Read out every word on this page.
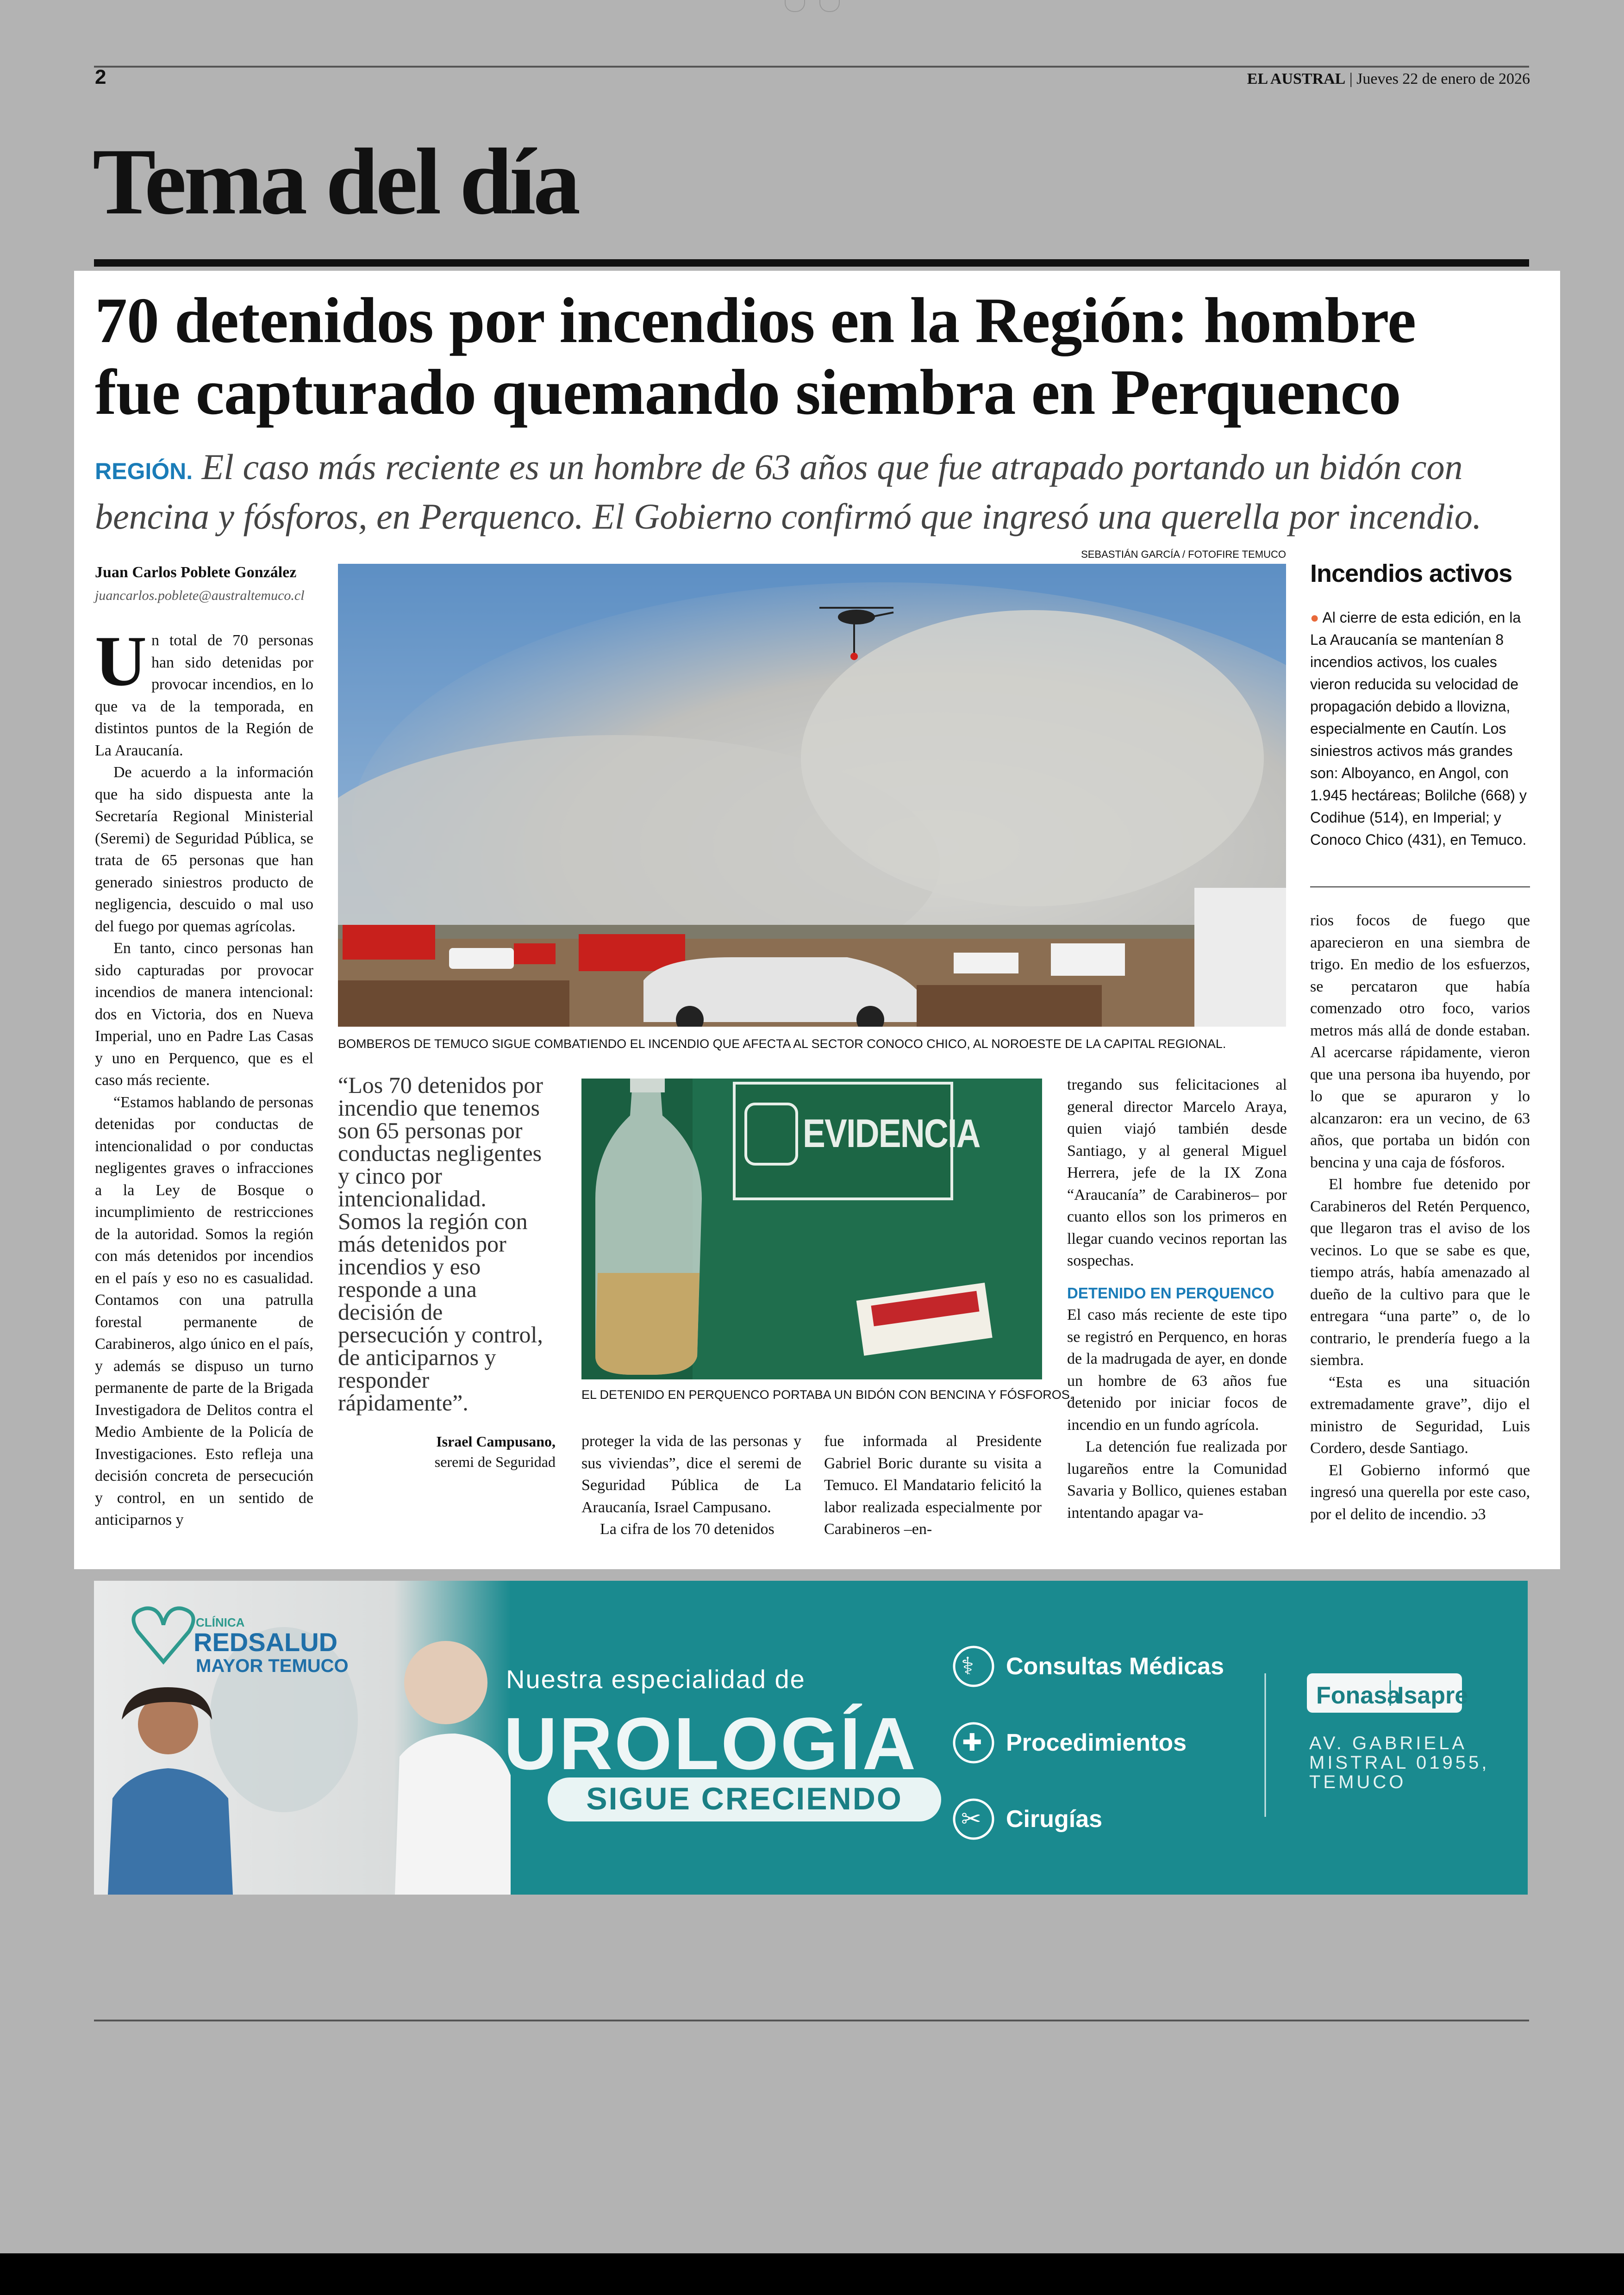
2	EL AUSTRAL | Jueves 22 de enero de 2026
Tema del día
70 detenidos por incendios en la Región: hombre
fue capturado quemando siembra en Perquenco
REGIÓN. El caso más reciente es un hombre de 63 años que fue atrapado portando un bidón con bencina y fósforos, en Perquenco. El Gobierno confirmó que ingresó una querella por incendio.
Juan Carlos Poblete González
juancarlos.poblete@australtemuco.cl

Un total de 70 personas han sido detenidas por provocar incendios, en lo que va de la temporada, en distintos puntos de la Región de La Araucanía.

De acuerdo a la información que ha sido dispuesta ante la Secretaría Regional Ministerial (Seremi) de Seguridad Pública, se trata de 65 personas que han generado siniestros producto de negligencia, descuido o mal uso del fuego por quemas agrícolas.

En tanto, cinco personas han sido capturadas por provocar incendios de manera intencional: dos en Victoria, dos en Nueva Imperial, uno en Padre Las Casas y uno en Perquenco, que es el caso más reciente.

“Estamos hablando de personas detenidas por conductas de intencionalidad o por conductas negligentes graves o infracciones a la Ley de Bosque o incumplimiento de restricciones de la autoridad. Somos la región con más detenidos por incendios en el país y eso no es casualidad. Contamos con una patrulla forestal permanente de Carabineros, algo único en el país, y además se dispuso un turno permanente de parte de la Brigada Investigadora de Delitos contra el Medio Ambiente de la Policía de Investigaciones. Esto refleja una decisión concreta de persecución y control, en un sentido de anticiparnos y

SEBASTIÁN GARCÍA / FOTOFIRE TEMUCO
BOMBEROS DE TEMUCO SIGUE COMBATIENDO EL INCENDIO QUE AFECTA AL SECTOR CONOCO CHICO, AL NOROESTE DE LA CAPITAL REGIONAL.
“Los 70 detenidos por incendio que tenemos son 65 personas por conductas negligentes y cinco por intencionalidad. Somos la región con más detenidos por incendios y eso responde a una decisión de persecución y control, de anticiparnos y responder rápidamente”.
Israel Campusano,
seremi de Seguridad
EVIDENCIA
EL DETENIDO EN PERQUENCO PORTABA UN BIDÓN CON BENCINA Y FÓSFOROS.

proteger la vida de las personas y sus viviendas”, dice el seremi de Seguridad Pública de La Araucanía, Israel Campusano.

La cifra de los 70 detenidos

fue informada al Presidente Gabriel Boric durante su visita a Temuco. El Mandatario felicitó la labor realizada especialmente por Carabineros –en-

tregando sus felicitaciones al general director Marcelo Araya, quien viajó también desde Santiago, y al general Miguel Herrera, jefe de la IX Zona “Araucanía” de Carabineros– por cuanto ellos son los primeros en llegar cuando vecinos reportan las sospechas.

DETENIDO EN PERQUENCO

El caso más reciente de este tipo se registró en Perquenco, en horas de la madrugada de ayer, en donde un hombre de 63 años fue detenido por iniciar focos de incendio en un fundo agrícola.

La detención fue realizada por lugareños entre la Comunidad Savaria y Bollico, quienes estaban intentando apagar va-

Incendios activos
● Al cierre de esta edición, en la La Araucanía se mantenían 8 incendios activos, los cuales vieron reducida su velocidad de propagación debido a llovizna, especialmente en Cautín. Los siniestros activos más grandes son: Alboyanco, en Angol, con 1.945 hectáreas; Bolilche (668) y Codihue (514), en Imperial; y Conoco Chico (431), en Temuco.

rios focos de fuego que aparecieron en una siembra de trigo. En medio de los esfuerzos, se percataron que había comenzado otro foco, varios metros más allá de donde estaban. Al acercarse rápidamente, vieron que una persona iba huyendo, por lo que se apuraron y lo alcanzaron: era un vecino, de 63 años, que portaba un bidón con bencina y una caja de fósforos.

El hombre fue detenido por Carabineros del Retén Perquenco, que llegaron tras el aviso de los vecinos. Lo que se sabe es que, tiempo atrás, había amenazado al dueño de la cultivo para que le entregara “una parte” o, de lo contrario, le prendería fuego a la siembra.

“Esta es una situación extremadamente grave”, dijo el ministro de Seguridad, Luis Cordero, desde Santiago.

El Gobierno informó que ingresó una querella por este caso, por el delito de incendio. ↄ3

CLÍNICA
REDSALUD
MAYOR TEMUCO	Nuestra especialidad de
UROLOGÍA
SIGUE CRECIENDO
Consultas Médicas
Procedimientos
Cirugías
⚕
✚
✂
Fonasa
Isapre
AV. GABRIELA
MISTRAL 01955,
TEMUCO
